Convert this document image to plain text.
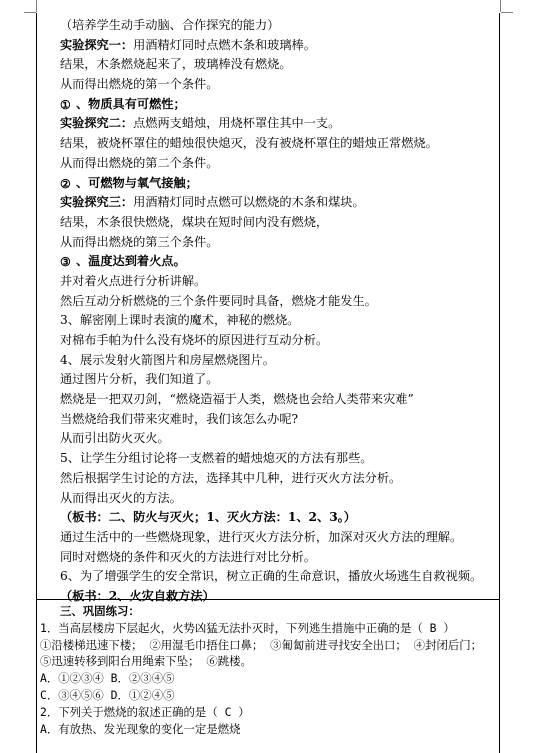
（培养学生动手动脑、合作探究的能力）
实验探究一：用酒精灯同时点燃木条和玻璃棒。
结果，木条燃烧起来了，玻璃棒没有燃烧。
从而得出燃烧的第一个条件。
① 、物质具有可燃性；
实验探究二：点燃两支蜡烛，用烧杯罩住其中一支。
结果，被烧杯罩住的蜡烛很快熄灭，没有被烧杯罩住的蜡烛正常燃烧。
从而得出燃烧的第二个条件。
② 、可燃物与氧气接触；
实验探究三：用酒精灯同时点燃可以燃烧的木条和煤块。
结果，木条很快燃烧，煤块在短时间内没有燃烧，
从而得出燃烧的第三个条件。
③ 、温度达到着火点。
并对着火点进行分析讲解。
然后互动分析燃烧的三个条件要同时具备，燃烧才能发生。
3、解密刚上课时表演的魔术，神秘的燃烧。
对棉布手帕为什么没有烧坏的原因进行互动分析。
4、展示发射火箭图片和房屋燃烧图片。
通过图片分析，我们知道了。
燃烧是一把双刃剑，“燃烧造福于人类，燃烧也会给人类带来灾难”
当燃烧给我们带来灾难时，我们该怎么办呢?
从而引出防火灭火。
5、让学生分组讨论将一支燃着的蜡烛熄灭的方法有那些。
然后根据学生讨论的方法，选择其中几种，进行灭火方法分析。
从而得出灭火的方法。
（板书：二、防火与灭火；1、灭火方法：1、2、3。）
通过生活中的一些燃烧现象，进行灭火方法分析，加深对灭火方法的理解。
同时对燃烧的条件和灭火的方法进行对比分析。
6、为了增强学生的安全常识，树立正确的生命意识，播放火场逃生自救视频。
（板书：2、火灾自救方法）
三、巩固练习：
1．当高层楼房下层起火，火势凶猛无法扑灭时，下列逃生措施中正确的是（ B ）
①沿楼梯迅速下楼； ②用湿毛巾捂住口鼻； ③匍匐前进寻找安全出口； ④封闭后门；
⑤迅速转移到阳台用绳索下坠； ⑥跳楼。
A．①②③④ B．②③④⑤
C．③④⑤⑥ D．①②④⑤
2．下列关于燃烧的叙述正确的是（ C ）
A．有放热、发光现象的变化一定是燃烧
